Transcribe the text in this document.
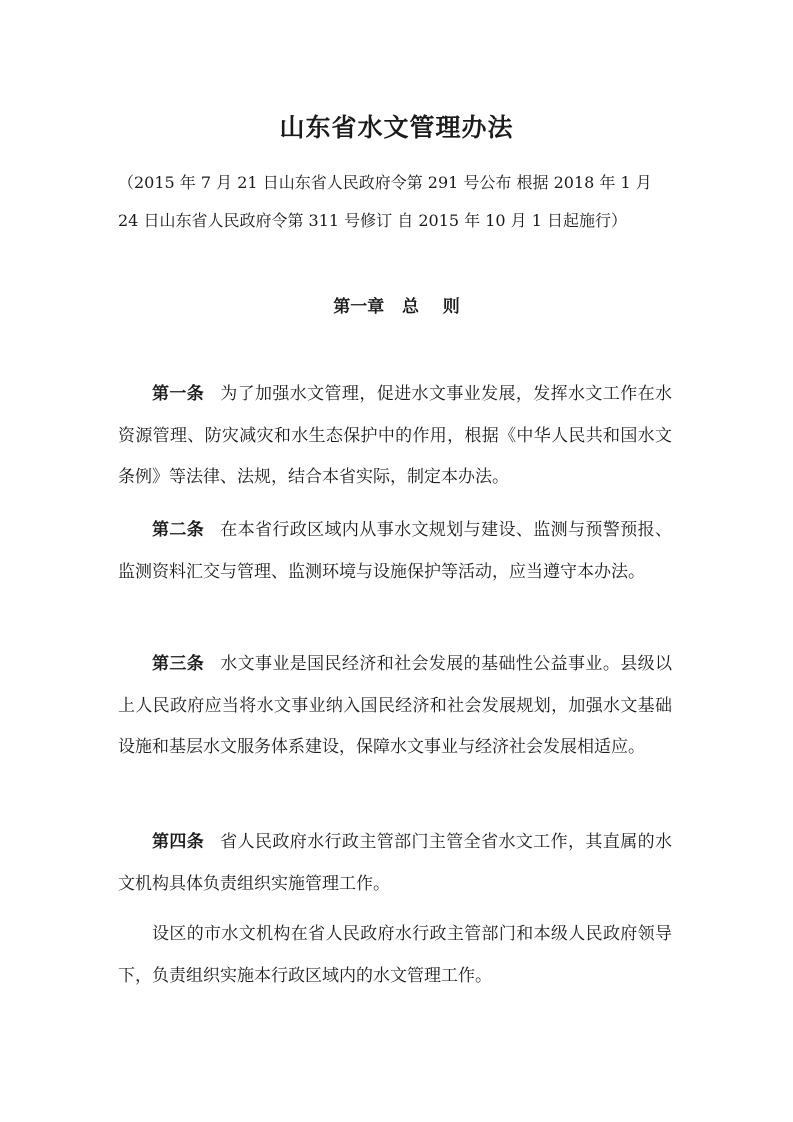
山东省水文管理办法
（2015 年 7 月 21 日山东省人民政府令第 291 号公布 根据 2018 年 1 月
24 日山东省人民政府令第 311 号修订 自 2015 年 10 月 1 日起施行）
第一章   总    则

第一条 为了加强水文管理，促进水文事业发展，发挥水文工作在水资源管理、防灾减灾和水生态保护中的作用，根据《中华人民共和国水文条例》等法律、法规，结合本省实际，制定本办法。

第二条 在本省行政区域内从事水文规划与建设、监测与预警预报、监测资料汇交与管理、监测环境与设施保护等活动，应当遵守本办法。

第三条 水文事业是国民经济和社会发展的基础性公益事业。县级以上人民政府应当将水文事业纳入国民经济和社会发展规划，加强水文基础设施和基层水文服务体系建设，保障水文事业与经济社会发展相适应。

第四条 省人民政府水行政主管部门主管全省水文工作，其直属的水文机构具体负责组织实施管理工作。

设区的市水文机构在省人民政府水行政主管部门和本级人民政府领导下，负责组织实施本行政区域内的水文管理工作。
